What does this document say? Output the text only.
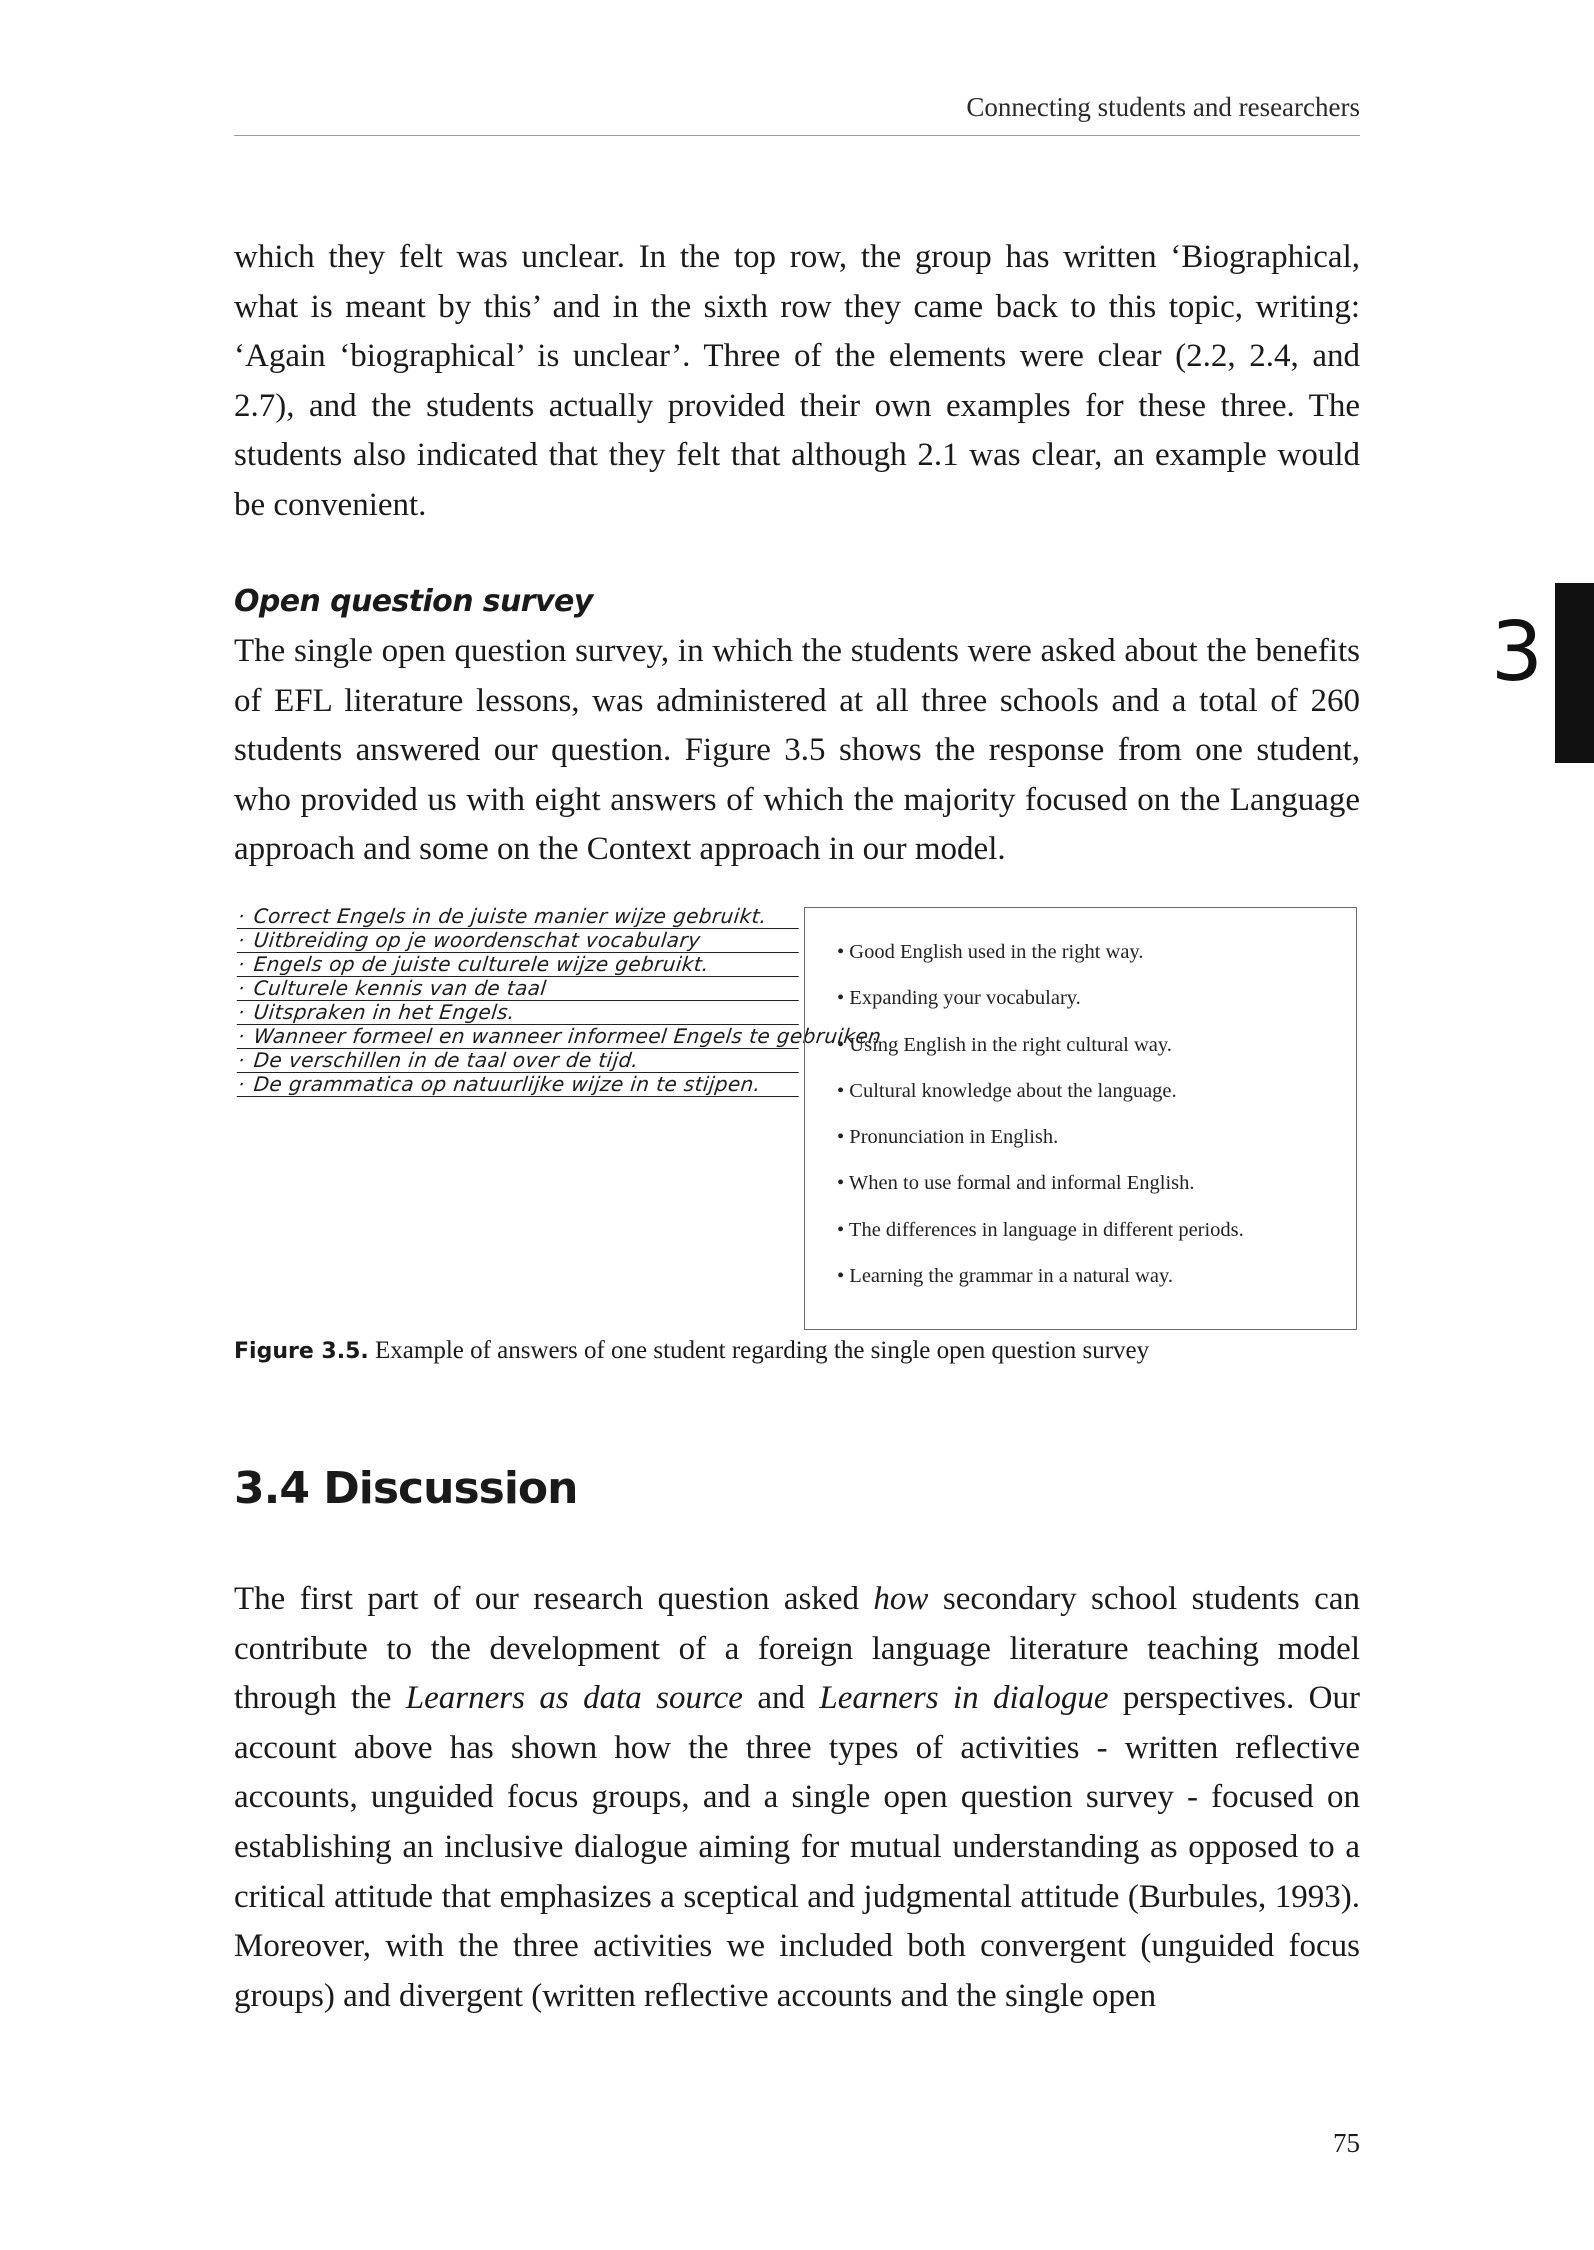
Connecting students and researchers
which they felt was unclear. In the top row, the group has written ‘Biographical, what is meant by this’ and in the sixth row they came back to this topic, writing: ‘Again ‘biographical’ is unclear’. Three of the elements were clear (2.2, 2.4, and 2.7), and the students actually provided their own examples for these three. The students also indicated that they felt that although 2.1 was clear, an example would be convenient.
Open question survey
The single open question survey, in which the students were asked about the benefits of EFL literature lessons, was administered at all three schools and a total of 260 students answered our question. Figure 3.5 shows the response from one student, who provided us with eight answers of which the majority focused on the Language approach and some on the Context approach in our model.
3
· Correct Engels in de juiste manier wijze gebruikt.
· Uitbreiding op je woordenschat vocabulary
· Engels op de juiste culturele wijze gebruikt.
· Culturele kennis van de taal
· Uitspraken in het Engels.
· Wanneer formeel en wanneer informeel Engels te gebruiken
· De verschillen in de taal over de tijd.
· De grammatica op natuurlijke wijze in te stijpen.
• Good English used in the right way.
• Expanding your vocabulary.
• Using English in the right cultural way.
• Cultural knowledge about the language.
• Pronunciation in English.
• When to use formal and informal English.
• The differences in language in different periods.
• Learning the grammar in a natural way.
Figure 3.5. Example of answers of one student regarding the single open question survey
3.4 Discussion
The first part of our research question asked how secondary school students can contribute to the development of a foreign language literature teaching model through the Learners as data source and Learners in dialogue perspectives. Our account above has shown how the three types of activities - written reflective accounts, unguided focus groups, and a single open question survey - focused on establishing an inclusive dialogue aiming for mutual understanding as opposed to a critical attitude that emphasizes a sceptical and judgmental attitude (Burbules, 1993). Moreover, with the three activities we included both convergent (unguided focus groups) and divergent (written reflective accounts and the single open
75
